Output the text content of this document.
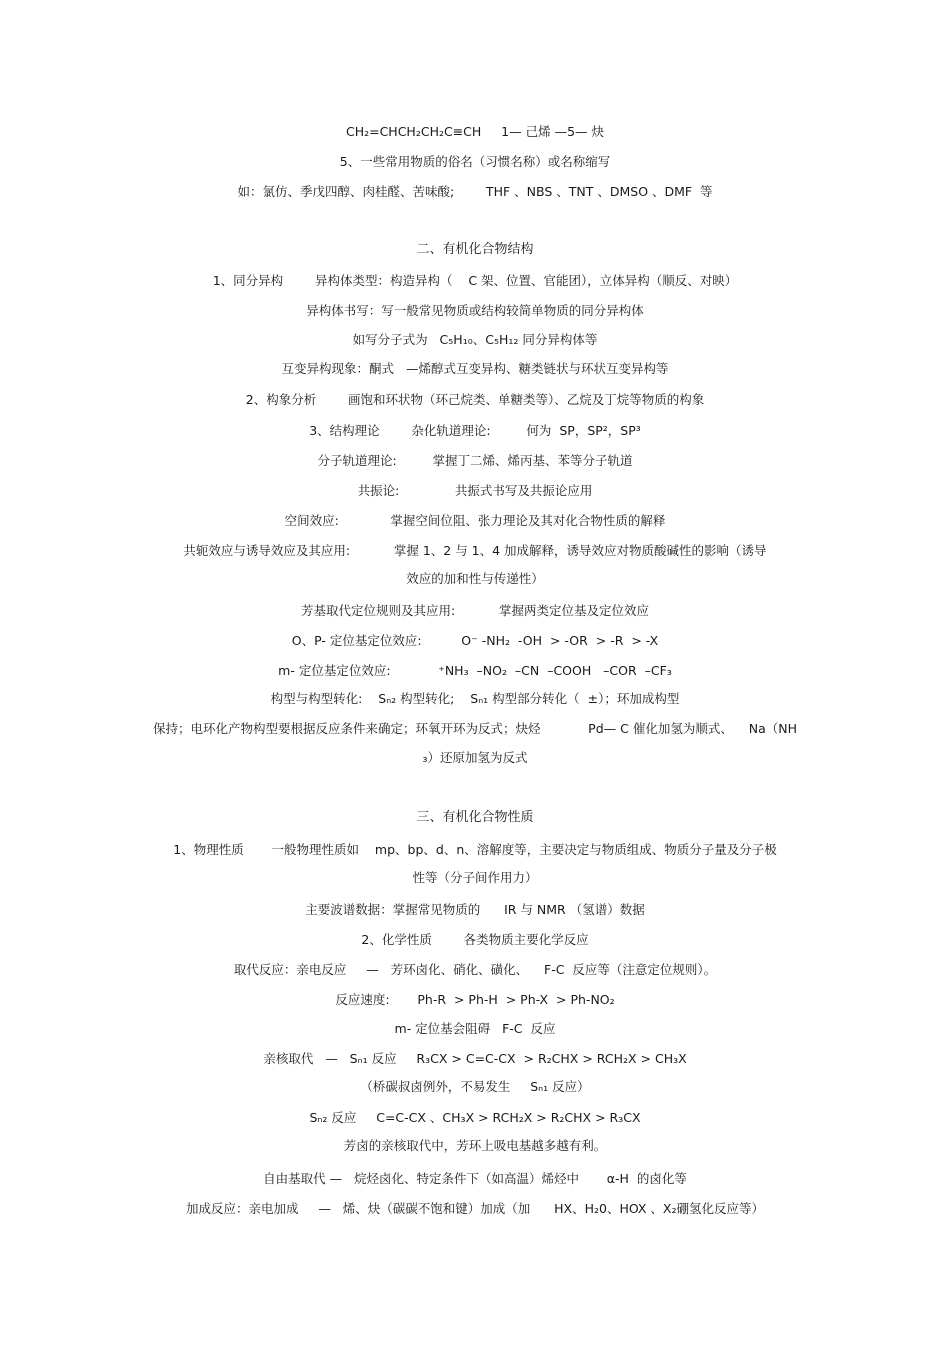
CH₂=CHCH₂CH₂C≡CH     1— 己烯 —5— 炔
5、一些常用物质的俗名（习惯名称）或名称缩写
如：氯仿、季戊四醇、肉桂醛、苦味酸;        THF 、NBS 、TNT 、DMSO 、DMF  等
二、有机化合物结构
1、同分异构        异构体类型：构造异构（    C 架、位置、官能团），立体异构（顺反、对映）
异构体书写：写一般常见物质或结构较简单物质的同分异构体
如写分子式为   C₅H₁₀、C₅H₁₂ 同分异构体等
互变异构现象：酮式   —烯醇式互变异构、糖类链状与环状互变异构等
2、构象分析        画饱和环状物（环己烷类、单糖类等）、乙烷及丁烷等物质的构象
3、结构理论        杂化轨道理论:         何为  SP，SP²，SP³
分子轨道理论:         掌握丁二烯、烯丙基、苯等分子轨道
共振论:              共振式书写及共振论应用
空间效应:             掌握空间位阻、张力理论及其对化合物性质的解释
共轭效应与诱导效应及其应用:           掌握 1、2 与 1、4 加成解释，诱导效应对物质酸碱性的影响（诱导
效应的加和性与传递性）
芳基取代定位规则及其应用:           掌握两类定位基及定位效应
O、P- 定位基定位效应:          O⁻ -NH₂  -OH  > -OR  > -R  > -X
m- 定位基定位效应:            ⁺NH₃  –NO₂  –CN  –COOH   –COR  –CF₃
构型与构型转化:    Sₙ₂ 构型转化;    Sₙ₁ 构型部分转化（  ±）；环加成构型
保持；电环化产物构型要根据反应条件来确定；环氧开环为反式；炔烃            Pd— C 催化加氢为顺式、    Na（NH
₃）还原加氢为反式
三、有机化合物性质
1、物理性质       一般物理性质如    mp、bp、d、n、溶解度等，主要决定与物质组成、物质分子量及分子极
性等（分子间作用力）
主要波谱数据：掌握常见物质的      IR 与 NMR （氢谱）数据
2、化学性质        各类物质主要化学反应
取代反应：亲电反应     —   芳环卤化、硝化、磺化、    F-C  反应等（注意定位规则）。
反应速度:       Ph-R  > Ph-H  > Ph-X  > Ph-NO₂
m- 定位基会阻碍   F-C  反应
亲核取代   —   Sₙ₁ 反应     R₃CX > C=C-CX  > R₂CHX > RCH₂X > CH₃X
（桥碳叔卤例外，不易发生     Sₙ₁ 反应）
Sₙ₂ 反应     C=C-CX 、CH₃X > RCH₂X > R₂CHX > R₃CX
芳卤的亲核取代中，芳环上吸电基越多越有利。
自由基取代 —   烷烃卤化、特定条件下（如高温）烯烃中       α-H  的卤化等
加成反应：亲电加成     —   烯、炔（碳碳不饱和键）加成（加      HX、H₂0、HOX 、X₂硼氢化反应等）
